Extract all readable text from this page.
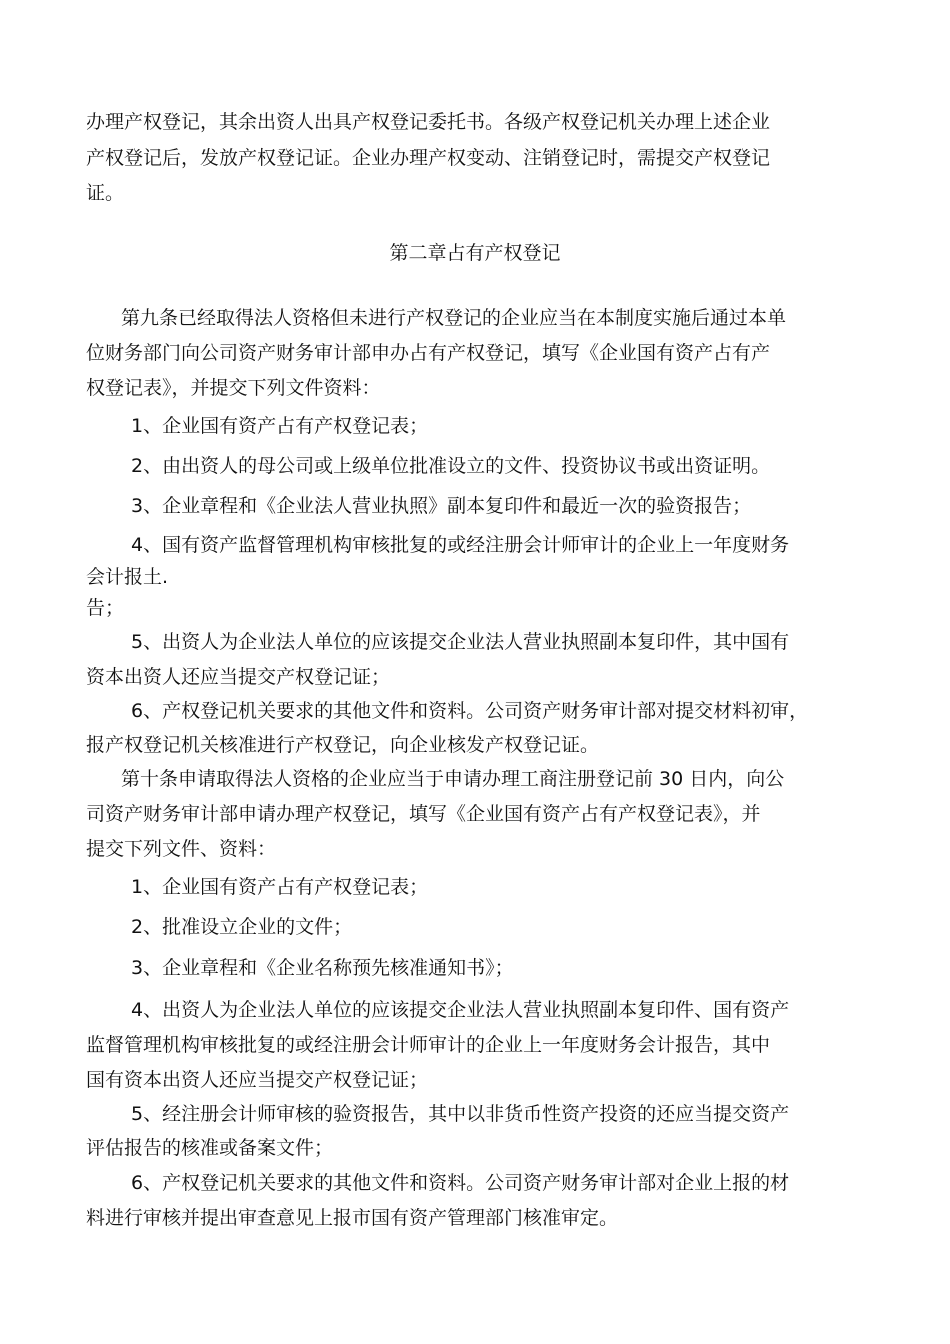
办理产权登记，其余出资人出具产权登记委托书。各级产权登记机关办理上述企业
产权登记后，发放产权登记证。企业办理产权变动、注销登记时，需提交产权登记
证。
第二章占有产权登记
第九条已经取得法人资格但未进行产权登记的企业应当在本制度实施后通过本单
位财务部门向公司资产财务审计部申办占有产权登记，填写《企业国有资产占有产
权登记表》，并提交下列文件资料：
1、企业国有资产占有产权登记表；
2、由出资人的母公司或上级单位批准设立的文件、投资协议书或出资证明。
3、企业章程和《企业法人营业执照》副本复印件和最近一次的验资报告；
4、国有资产监督管理机构审核批复的或经注册会计师审计的企业上一年度财务
会计报土.
告；
5、出资人为企业法人单位的应该提交企业法人营业执照副本复印件，其中国有
资本出资人还应当提交产权登记证；
6、产权登记机关要求的其他文件和资料。公司资产财务审计部对提交材料初审，
报产权登记机关核准进行产权登记，向企业核发产权登记证。
第十条申请取得法人资格的企业应当于申请办理工商注册登记前 30 日内，向公
司资产财务审计部申请办理产权登记，填写《企业国有资产占有产权登记表》，并
提交下列文件、资料：
1、企业国有资产占有产权登记表；
2、批准设立企业的文件；
3、企业章程和《企业名称预先核准通知书》；
4、出资人为企业法人单位的应该提交企业法人营业执照副本复印件、国有资产
监督管理机构审核批复的或经注册会计师审计的企业上一年度财务会计报告，其中
国有资本出资人还应当提交产权登记证；
5、经注册会计师审核的验资报告，其中以非货币性资产投资的还应当提交资产
评估报告的核准或备案文件；
6、产权登记机关要求的其他文件和资料。公司资产财务审计部对企业上报的材
料进行审核并提出审查意见上报市国有资产管理部门核准审定。
